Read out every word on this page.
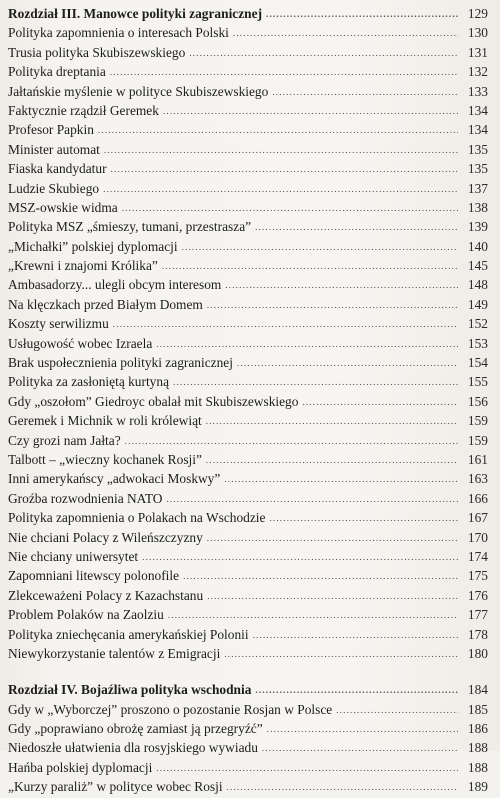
Rozdział III. Manowce polityki zagranicznej .....	129
Polityka zapomnienia o interesach Polski .....	130
Trusia polityka Skubiszewskiego .....	131
Polityka dreptania .....	132
Jałtańskie myślenie w polityce Skubiszewskiego .....	133
Faktycznie rządził Geremek .....	134
Profesor Papkin .....	134
Minister automat .....	135
Fiaska kandydatur .....	135
Ludzie Skubiego .....	137
MSZ-owskie widma .....	138
Polityka MSZ „śmieszy, tumani, przestrasza” .....	139
„Michałki” polskiej dyplomacji .....	140
„Krewni i znajomi Królika” .....	145
Ambasadorzy... ulegli obcym interesom .....	148
Na klęczkach przed Białym Domem .....	149
Koszty serwilizmu .....	152
Usługowość wobec Izraela .....	153
Brak uspołecznienia polityki zagranicznej .....	154
Polityka za zasłoniętą kurtyną .....	155
Gdy „oszołom” Giedroyc obalał mit Skubiszewskiego .....	156
Geremek i Michnik w roli królewiąt .....	159
Czy grozi nam Jałta? .....	159
Talbott – „wieczny kochanek Rosji” .....	161
Inni amerykańscy „adwokaci Moskwy” .....	163
Groźba rozwodnienia NATO .....	166
Polityka zapomnienia o Polakach na Wschodzie .....	167
Nie chciani Polacy z Wileńszczyzny .....	170
Nie chciany uniwersytet .....	174
Zapomniani litewscy polonofile .....	175
Zlekceważeni Polacy z Kazachstanu .....	176
Problem Polaków na Zaolziu .....	177
Polityka zniechęcania amerykańskiej Polonii .....	178
Niewykorzystanie talentów z Emigracji .....	180
Rozdział IV. Bojaźliwa polityka wschodnia .....	184
Gdy w „Wyborczej” proszono o pozostanie Rosjan w Polsce .....	185
Gdy „poprawiano obrożę zamiast ją przegryźć” .....	186
Niedoszłe ułatwienia dla rosyjskiego wywiadu .....	188
Hańba polskiej dyplomacji .....	188
„Kurzy paraliż” w polityce wobec Rosji .....	189
